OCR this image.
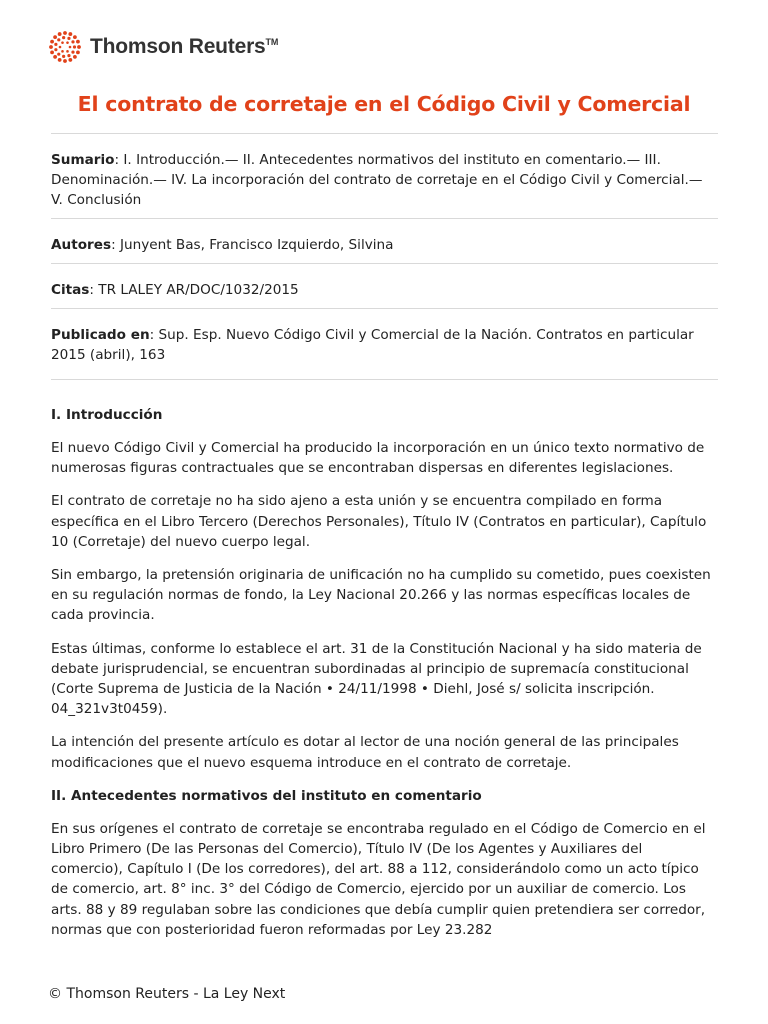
Thomson Reuters™
El contrato de corretaje en el Código Civil y Comercial
Sumario: I. Introducción.— II. Antecedentes normativos del instituto en comentario.— III. Denominación.— IV. La incorporación del contrato de corretaje en el Código Civil y Comercial.— V. Conclusión
Autores: Junyent Bas, Francisco Izquierdo, Silvina
Citas: TR LALEY AR/DOC/1032/2015
Publicado en: Sup. Esp. Nuevo Código Civil y Comercial de la Nación. Contratos en particular 2015 (abril), 163
I. Introducción

El nuevo Código Civil y Comercial ha producido la incorporación en un único texto normativo de numerosas figuras contractuales que se encontraban dispersas en diferentes legislaciones.

El contrato de corretaje no ha sido ajeno a esta unión y se encuentra compilado en forma específica en el Libro Tercero (Derechos Personales), Título IV (Contratos en particular), Capítulo 10 (Corretaje) del nuevo cuerpo legal.

Sin embargo, la pretensión originaria de unificación no ha cumplido su cometido, pues coexisten en su regulación normas de fondo, la Ley Nacional 20.266 y las normas específicas locales de cada provincia.

Estas últimas, conforme lo establece el art. 31 de la Constitución Nacional y ha sido materia de debate jurisprudencial, se encuentran subordinadas al principio de supremacía constitucional (Corte Suprema de Justicia de la Nación • 24/11/1998 • Diehl, José s/ solicita inscripción. 04_321v3t0459).

La intención del presente artículo es dotar al lector de una noción general de las principales modificaciones que el nuevo esquema introduce en el contrato de corretaje.

II. Antecedentes normativos del instituto en comentario

En sus orígenes el contrato de corretaje se encontraba regulado en el Código de Comercio en el Libro Primero (De las Personas del Comercio), Título IV (De los Agentes y Auxiliares del comercio), Capítulo I (De los corredores), del art. 88 a 112, considerándolo como un acto típico de comercio, art. 8° inc. 3° del Código de Comercio, ejercido por un auxiliar de comercio. Los arts. 88 y 89 regulaban sobre las condiciones que debía cumplir quien pretendiera ser corredor, normas que con posterioridad fueron reformadas por Ley 23.282

© Thomson Reuters - La Ley Next
